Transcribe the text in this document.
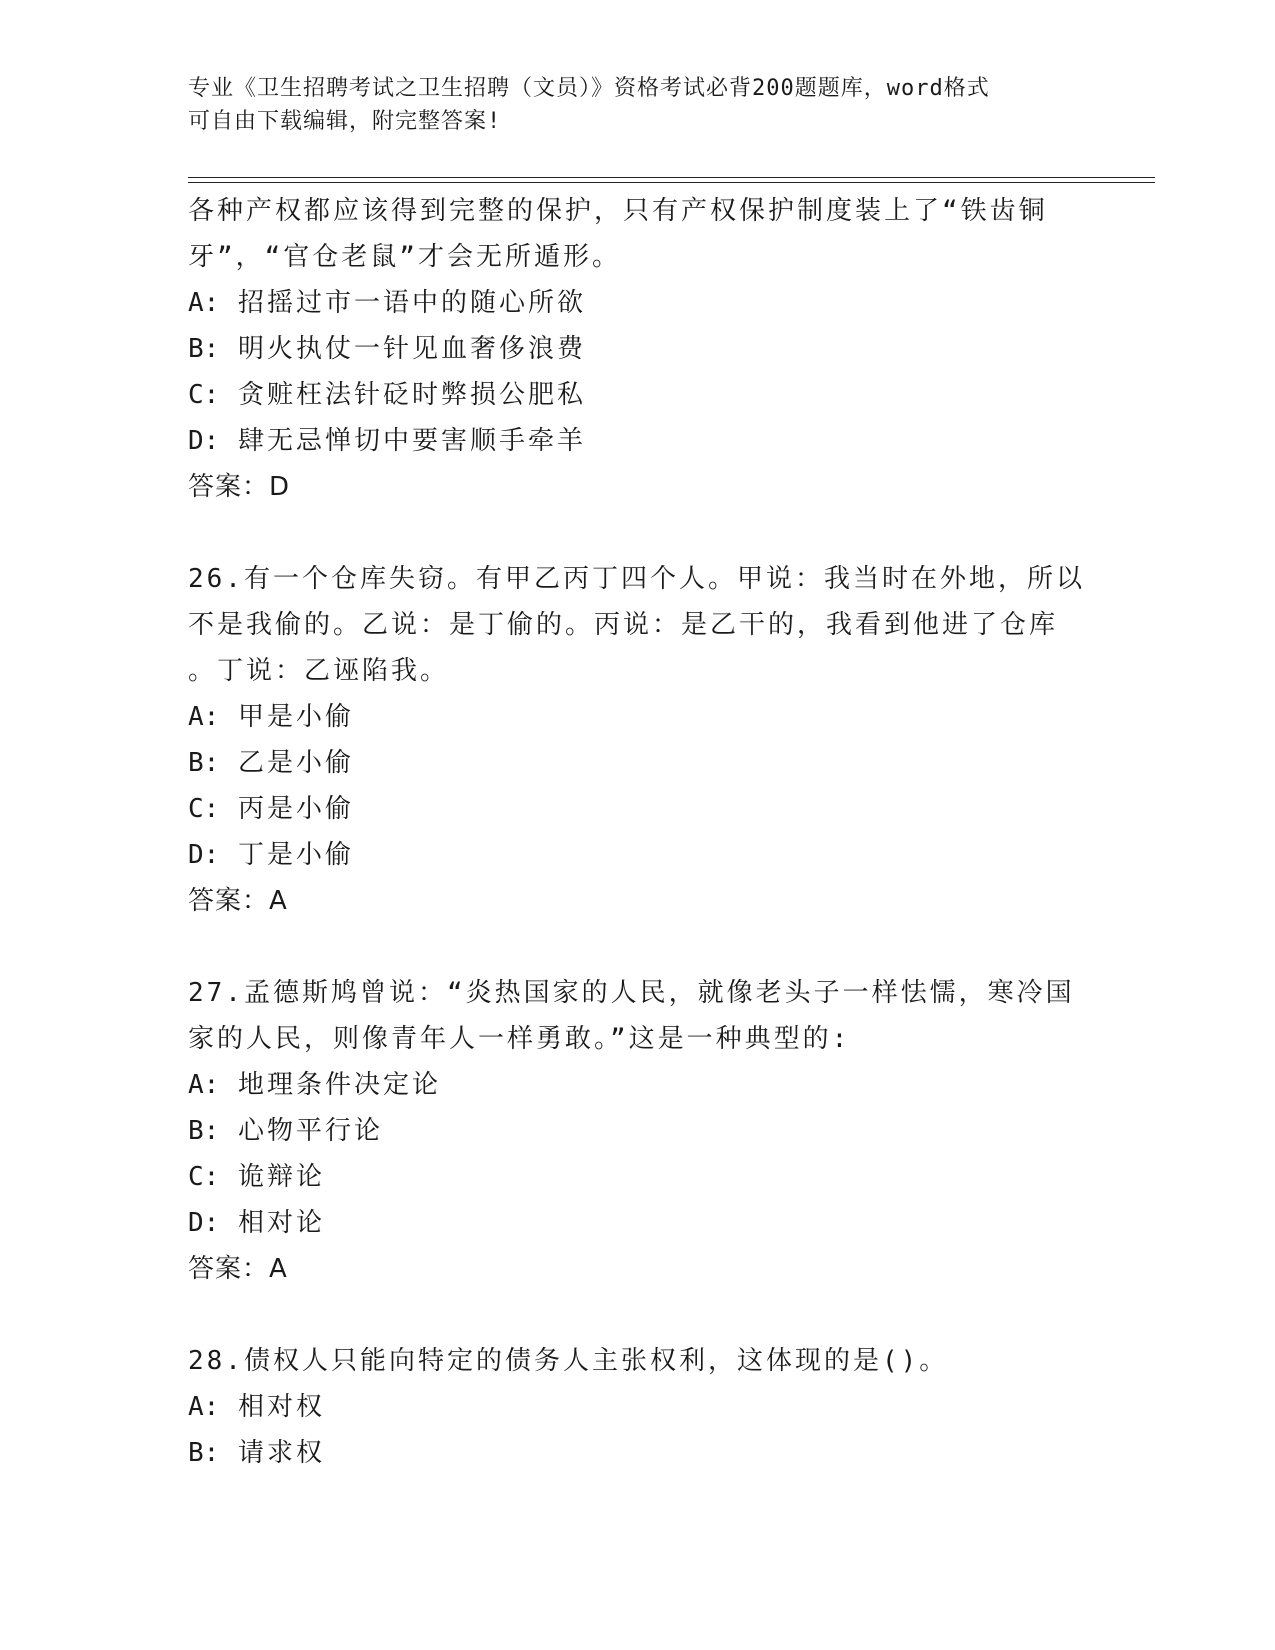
专业《卫生招聘考试之卫生招聘（文员）》资格考试必背200题题库，word格式
可自由下载编辑，附完整答案!
各种产权都应该得到完整的保护，只有产权保护制度装上了“铁齿铜
牙”，“官仓老鼠”才会无所遁形。
A: 招摇过市一语中的随心所欲
B: 明火执仗一针见血奢侈浪费
C: 贪赃枉法针砭时弊损公肥私
D: 肆无忌惮切中要害顺手牵羊
答案：D
26.有一个仓库失窃。有甲乙丙丁四个人。甲说：我当时在外地，所以
不是我偷的。乙说：是丁偷的。丙说：是乙干的，我看到他进了仓库
。丁说：乙诬陷我。
A: 甲是小偷
B: 乙是小偷
C: 丙是小偷
D: 丁是小偷
答案：A
27.孟德斯鸠曾说：“炎热国家的人民，就像老头子一样怯懦，寒冷国
家的人民，则像青年人一样勇敢。”这是一种典型的:
A: 地理条件决定论
B: 心物平行论
C: 诡辩论
D: 相对论
答案：A
28.债权人只能向特定的债务人主张权利，这体现的是()。
A: 相对权
B: 请求权
